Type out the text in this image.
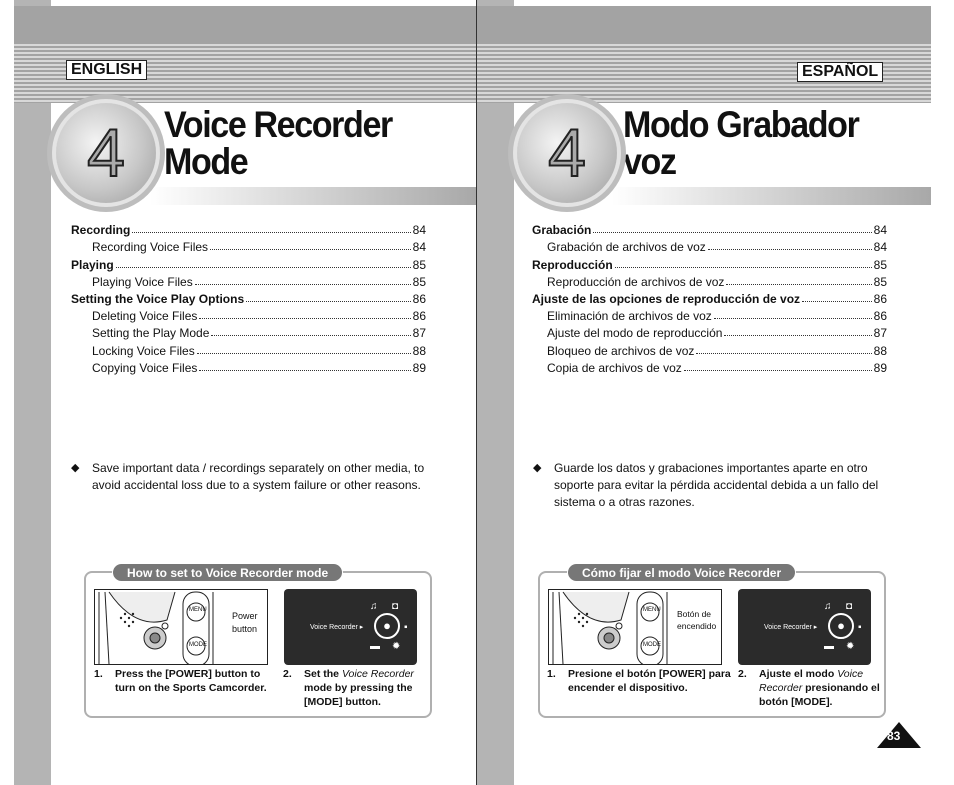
ENGLISH
4	Voice Recorder
Mode
Recording	84
Recording Voice Files	84
Playing	85
Playing Voice Files	85
Setting the Voice Play Options	86
Deleting Voice Files	86
Setting the Play Mode	87
Locking Voice Files	88
Copying Voice Files	89
◆ Save important data / recordings separately on other media, to avoid accidental loss due to a system failure or other reasons.
How to set to Voice Recorder mode
MENU
MODE
Power
button	Voice Recorder ▸	●
♫ ◘
▪
▬ ✹
1.	Press the [POWER] button to turn on the Sports Camcorder.
2.	Set the Voice Recorder mode by pressing the [MODE] button.
ESPAÑOL
4	Modo Grabador
voz
Grabación	84
Grabación de archivos de voz	84
Reproducción	85
Reproducción de archivos de voz	85
Ajuste de las opciones de reproducción de voz	86
Eliminación de archivos de voz	86
Ajuste del modo de reproducción	87
Bloqueo de archivos de voz	88
Copia de archivos de voz	89
◆ Guarde los datos y grabaciones importantes aparte en otro soporte para evitar la pérdida accidental debida a un fallo del sistema o a otras razones.
Cómo fijar el modo Voice Recorder
MENU
MODE
Botón de
encendido	Voice Recorder ▸	●
♫ ◘
▪
▬ ✹
1.	Presione el botón [POWER] para encender el dispositivo.
2.	Ajuste el modo Voice Recorder presionando el botón [MODE].
83
